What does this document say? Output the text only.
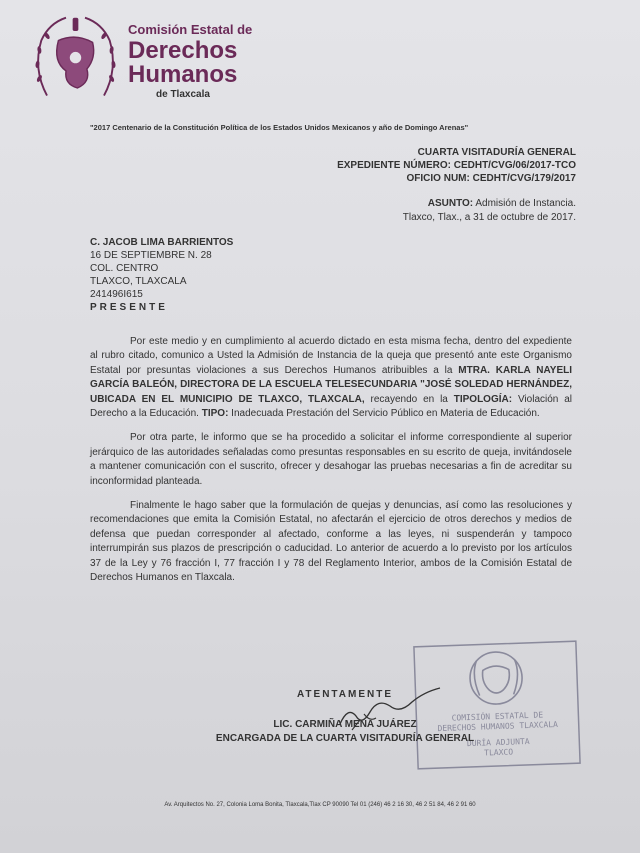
Comisión Estatal de
Derechos
Humanos
de Tlaxcala
"2017 Centenario de la Constitución Política de los Estados Unidos Mexicanos y año de Domingo Arenas"
CUARTA VISITADURÍA GENERAL
EXPEDIENTE NÚMERO: CEDHT/CVG/06/2017-TCO
OFICIO NUM: CEDHT/CVG/179/2017
ASUNTO: Admisión de Instancia.
Tlaxco, Tlax., a 31 de octubre de 2017.
C. JACOB LIMA BARRIENTOS
16 DE SEPTIEMBRE N. 28
COL. CENTRO
TLAXCO, TLAXCALA
241496I615
PRESENTE

Por este medio y en cumplimiento al acuerdo dictado en esta misma fecha, dentro del expediente al rubro citado, comunico a Usted la Admisión de Instancia de la queja que presentó ante este Organismo Estatal por presuntas violaciones a sus Derechos Humanos atribuibles a la MTRA. KARLA NAYELI GARCÍA BALEÓN, DIRECTORA DE LA ESCUELA TELESECUNDARIA "JOSÉ SOLEDAD HERNÁNDEZ, UBICADA EN EL MUNICIPIO DE TLAXCO, TLAXCALA, recayendo en la TIPOLOGÍA: Violación al Derecho a la Educación. TIPO: Inadecuada Prestación del Servicio Público en Materia de Educación.

Por otra parte, le informo que se ha procedido a solicitar el informe correspondiente al superior jerárquico de las autoridades señaladas como presuntas responsables en su escrito de queja, invitándosele a mantener comunicación con el suscrito, ofrecer y desahogar las pruebas necesarias a fin de acreditar su inconformidad planteada.

Finalmente le hago saber que la formulación de quejas y denuncias, así como las resoluciones y recomendaciones que emita la Comisión Estatal, no afectarán el ejercicio de otros derechos y medios de defensa que puedan corresponder al afectado, conforme a las leyes, ni suspenderán y tampoco interrumpirán sus plazos de prescripción o caducidad. Lo anterior de acuerdo a lo previsto por los artículos 37 de la Ley y 76 fracción I, 77 fracción I y 78 del Reglamento Interior, ambos de la Comisión Estatal de Derechos Humanos en Tlaxcala.

COMISIÓN ESTATAL DE
DERECHOS HUMANOS TLAXCALA
DURÍA ADJUNTA
TLAXCO
ATENTAMENTE
LIC. CARMIÑA MENA JUÁREZ
ENCARGADA DE LA CUARTA VISITADURÍA GENERAL
Av. Arquitectos No. 27, Colonia Loma Bonita, Tlaxcala,Tlax CP 90090 Tel 01 (246) 46 2 16 30, 46 2 51 84, 46 2 91 60
